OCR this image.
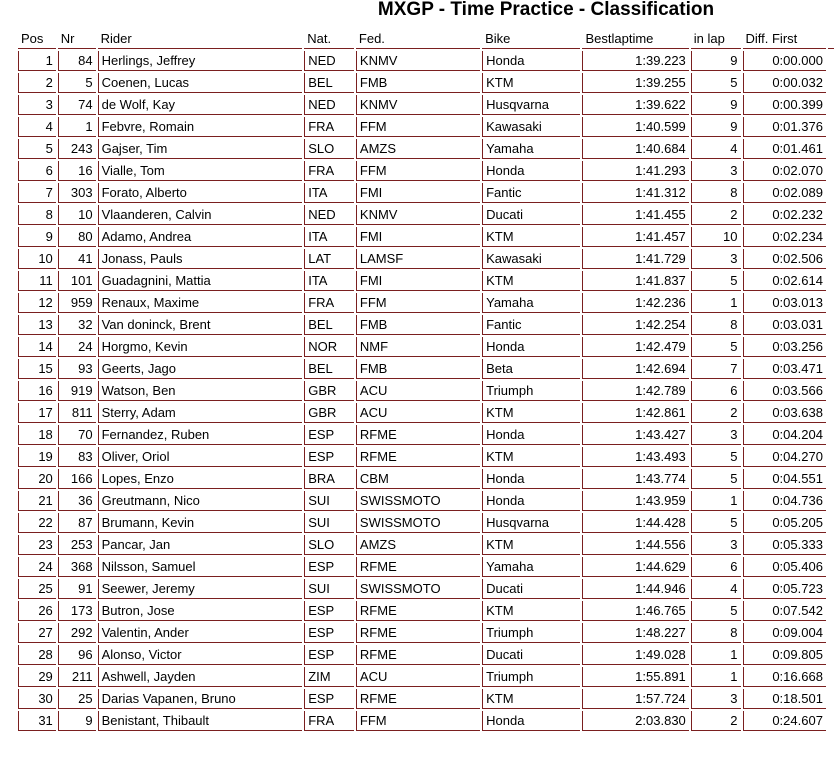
MXGP - Time Practice - Classification
Pos	Nr	Rider	Nat.	Fed.	Bike	Bestlaptime	in lap	Diff. First	
1	84	Herlings, Jeffrey	NED	KNMV	Honda	1:39.223	9	0:00.000	
2	5	Coenen, Lucas	BEL	FMB	KTM	1:39.255	5	0:00.032	
3	74	de Wolf, Kay	NED	KNMV	Husqvarna	1:39.622	9	0:00.399	
4	1	Febvre, Romain	FRA	FFM	Kawasaki	1:40.599	9	0:01.376	
5	243	Gajser, Tim	SLO	AMZS	Yamaha	1:40.684	4	0:01.461	
6	16	Vialle, Tom	FRA	FFM	Honda	1:41.293	3	0:02.070	
7	303	Forato, Alberto	ITA	FMI	Fantic	1:41.312	8	0:02.089	
8	10	Vlaanderen, Calvin	NED	KNMV	Ducati	1:41.455	2	0:02.232	
9	80	Adamo, Andrea	ITA	FMI	KTM	1:41.457	10	0:02.234	
10	41	Jonass, Pauls	LAT	LAMSF	Kawasaki	1:41.729	3	0:02.506	
11	101	Guadagnini, Mattia	ITA	FMI	KTM	1:41.837	5	0:02.614	
12	959	Renaux, Maxime	FRA	FFM	Yamaha	1:42.236	1	0:03.013	
13	32	Van doninck, Brent	BEL	FMB	Fantic	1:42.254	8	0:03.031	
14	24	Horgmo, Kevin	NOR	NMF	Honda	1:42.479	5	0:03.256	
15	93	Geerts, Jago	BEL	FMB	Beta	1:42.694	7	0:03.471	
16	919	Watson, Ben	GBR	ACU	Triumph	1:42.789	6	0:03.566	
17	811	Sterry, Adam	GBR	ACU	KTM	1:42.861	2	0:03.638	
18	70	Fernandez, Ruben	ESP	RFME	Honda	1:43.427	3	0:04.204	
19	83	Oliver, Oriol	ESP	RFME	KTM	1:43.493	5	0:04.270	
20	166	Lopes, Enzo	BRA	CBM	Honda	1:43.774	5	0:04.551	
21	36	Greutmann, Nico	SUI	SWISSMOTO	Honda	1:43.959	1	0:04.736	
22	87	Brumann, Kevin	SUI	SWISSMOTO	Husqvarna	1:44.428	5	0:05.205	
23	253	Pancar, Jan	SLO	AMZS	KTM	1:44.556	3	0:05.333	
24	368	Nilsson, Samuel	ESP	RFME	Yamaha	1:44.629	6	0:05.406	
25	91	Seewer, Jeremy	SUI	SWISSMOTO	Ducati	1:44.946	4	0:05.723	
26	173	Butron, Jose	ESP	RFME	KTM	1:46.765	5	0:07.542	
27	292	Valentin, Ander	ESP	RFME	Triumph	1:48.227	8	0:09.004	
28	96	Alonso, Victor	ESP	RFME	Ducati	1:49.028	1	0:09.805	
29	211	Ashwell, Jayden	ZIM	ACU	Triumph	1:55.891	1	0:16.668	
30	25	Darias Vapanen, Bruno	ESP	RFME	KTM	1:57.724	3	0:18.501	
31	9	Benistant, Thibault	FRA	FFM	Honda	2:03.830	2	0:24.607	
